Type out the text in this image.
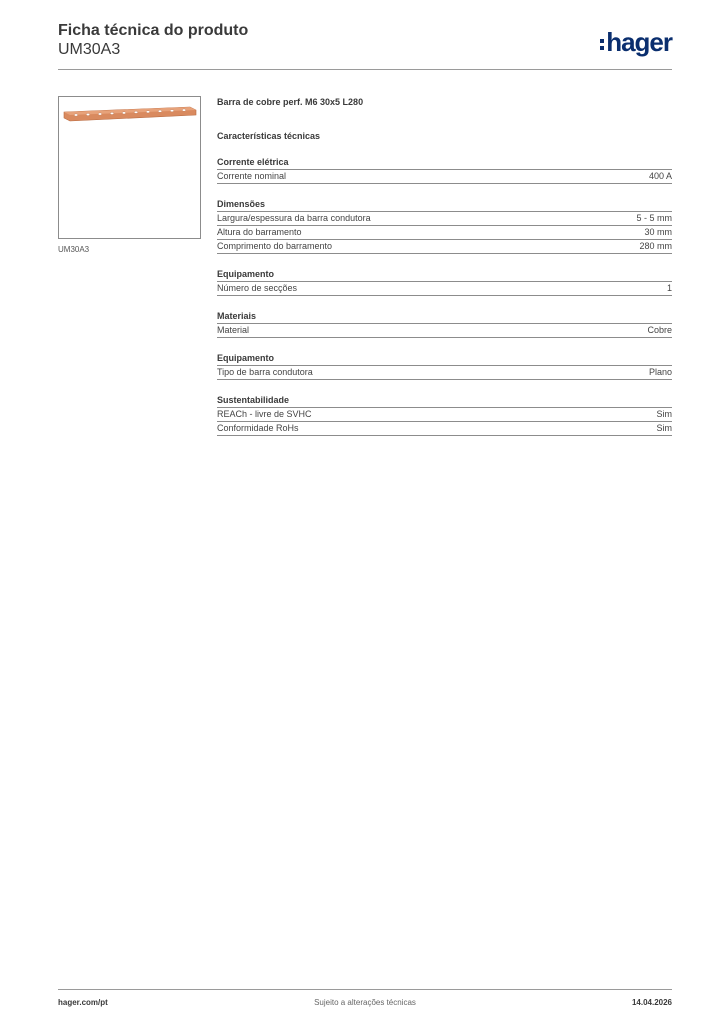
Ficha técnica do produto
UM30A3	hager
UM30A3
Barra de cobre perf. M6 30x5 L280
Características técnicas
Corrente elétrica
Corrente nominal	400 A
Dimensões
Largura/espessura da barra condutora	5 - 5 mm
Altura do barramento	30 mm
Comprimento do barramento	280 mm
Equipamento
Número de secções	1
Materiais
Material	Cobre
Equipamento
Tipo de barra condutora	Plano
Sustentabilidade
REACh - livre de SVHC	Sim
Conformidade RoHs	Sim
hager.com/pt	Sujeito a alterações técnicas	14.04.2026
